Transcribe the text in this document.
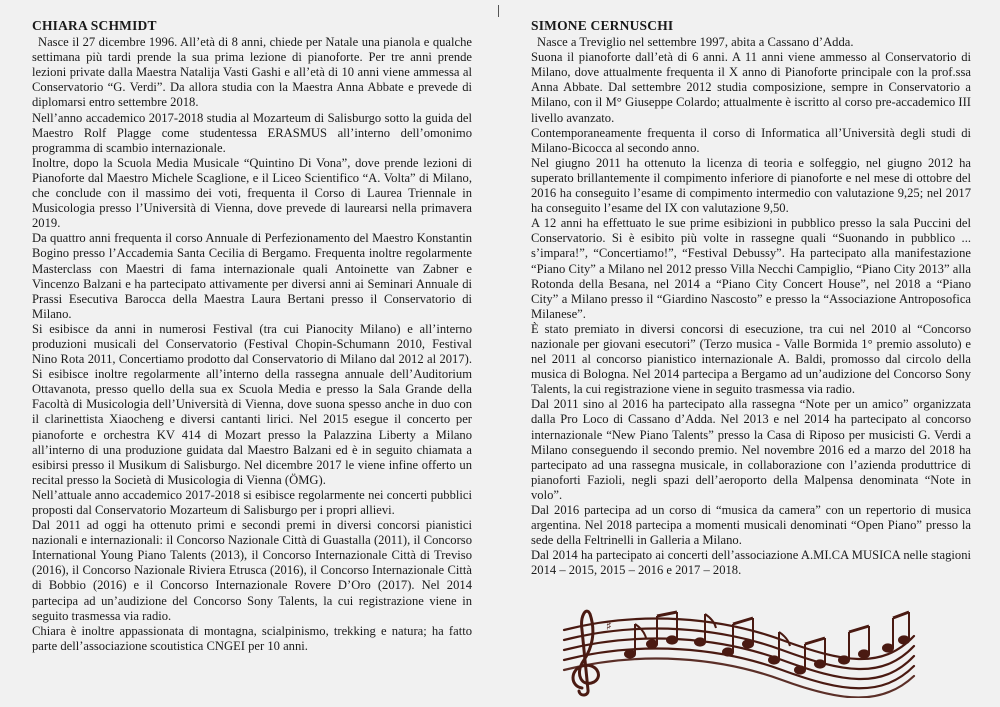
CHIARA SCHMIDT

Nasce il 27 dicembre 1996. All’età di 8 anni, chiede per Natale una pianola e qualche settimana più tardi prende la sua prima lezione di pianoforte. Per tre anni prende lezioni private dalla Maestra Natalija Vasti Gashi e all’età di 10 anni viene ammessa al Conservatorio “G. Verdi”. Da allora studia con la Maestra Anna Abbate e prevede di diplomarsi entro settembre 2018.

Nell’anno accademico 2017-2018 studia al Mozarteum di Salisburgo sotto la guida del Maestro Rolf Plagge come studentessa ERASMUS all’interno dell’omonimo programma di scambio internazionale.

Inoltre, dopo la Scuola Media Musicale “Quintino Di Vona”, dove prende lezioni di Pianoforte dal Maestro Michele Scaglione, e il Liceo Scientifico “A. Volta” di Milano, che conclude con il massimo dei voti, frequenta il Corso di Laurea Triennale in Musicologia presso l’Università di Vienna, dove prevede di laurearsi nella primavera 2019.

Da quattro anni frequenta il corso Annuale di Perfezionamento del Maestro Konstantin Bogino presso l’Accademia Santa Cecilia di Bergamo. Frequenta inoltre regolarmente Masterclass con Maestri di fama internazionale quali Antoinette van Zabner e Vincenzo Balzani e ha partecipato attivamente per diversi anni ai Seminari Annuale di Prassi Esecutiva Barocca della Maestra Laura Bertani presso il Conservatorio di Milano.

Si esibisce da anni in numerosi Festival (tra cui Pianocity Milano) e all’interno produzioni musicali del Conservatorio (Festival Chopin-Schumann 2010, Festival Nino Rota 2011, Concertiamo prodotto dal Conservatorio di Milano dal 2012 al 2017). Si esibisce inoltre regolarmente all’interno della rassegna annuale dell’Auditorium Ottavanota, presso quello della sua ex Scuola Media e presso la Sala Grande della Facoltà di Musicologia dell’Università di Vienna, dove suona spesso anche in duo con il clarinettista Xiaocheng e diversi cantanti lirici. Nel 2015 esegue il concerto per pianoforte e orchestra KV 414 di Mozart presso la Palazzina Liberty a Milano all’interno di una produzione guidata dal Maestro Balzani ed è in seguito chiamata a esibirsi presso il Musikum di Salisburgo. Nel dicembre 2017 le viene infine offerto un recital presso la Società di Musicologia di Vienna (ÖMG).

Nell’attuale anno accademico 2017-2018 si esibisce regolarmente nei concerti pubblici proposti dal Conservatorio Mozarteum di Salisburgo per i propri allievi.

Dal 2011 ad oggi ha ottenuto primi e secondi premi in diversi concorsi pianistici nazionali e internazionali: il Concorso Nazionale Città di Guastalla (2011), il Concorso International Young Piano Talents (2013), il Concorso Internazionale Città di Treviso (2016), il Concorso Nazionale Riviera Etrusca (2016), il Concorso Internazionale Città di Bobbio (2016) e il Concorso Internazionale Rovere D’Oro (2017). Nel 2014 partecipa ad un’audizione del Concorso Sony Talents, la cui registrazione viene in seguito trasmessa via radio.

Chiara è inoltre appassionata di montagna, scialpinismo, trekking e natura; ha fatto parte dell’associazione scoutistica CNGEI per 10 anni.

SIMONE CERNUSCHI

Nasce a Treviglio nel settembre 1997, abita a Cassano d’Adda.

Suona il pianoforte dall’età di 6 anni. A 11 anni viene ammesso al Conservatorio di Milano, dove attualmente frequenta il X anno di Pianoforte principale con la prof.ssa Anna Abbate. Dal settembre 2012 studia composizione, sempre in Conservatorio a Milano, con il M° Giuseppe Colardo; attualmente è iscritto al corso pre-accademico III livello avanzato.

Contemporaneamente frequenta il corso di Informatica all’Università degli studi di Milano-Bicocca al secondo anno.

Nel giugno 2011 ha ottenuto la licenza di teoria e solfeggio, nel giugno 2012 ha superato brillantemente il compimento inferiore di pianoforte e nel mese di ottobre del 2016 ha conseguito l’esame di compimento intermedio con valutazione 9,25; nel 2017 ha conseguito l’esame del IX con valutazione 9,50.

A 12 anni ha effettuato le sue prime esibizioni in pubblico presso la sala Puccini del Conservatorio. Si è esibito più volte in rassegne quali “Suonando in pubblico ... s’impara!”, “Concertiamo!”, “Festival Debussy”. Ha partecipato alla manifestazione “Piano City” a Milano nel 2012 presso Villa Necchi Campiglio, “Piano City 2013” alla Rotonda della Besana, nel 2014 a “Piano City Concert House”, nel 2018 a “Piano City” a Milano presso il “Giardino Nascosto” e presso la “Associazione Antroposofica Milanese”.

È stato premiato in diversi concorsi di esecuzione, tra cui nel 2010 al “Concorso nazionale per giovani esecutori” (Terzo musica - Valle Bormida 1° premio assoluto) e nel 2011 al concorso pianistico internazionale A. Baldi, promosso dal circolo della musica di Bologna. Nel 2014 partecipa a Bergamo ad un’audizione del Concorso Sony Talents, la cui registrazione viene in seguito trasmessa via radio.

Dal 2011 sino al 2016 ha partecipato alla rassegna “Note per un amico” organizzata dalla Pro Loco di Cassano d’Adda. Nel 2013 e nel 2014 ha partecipato al concorso internazionale “New Piano Talents” presso la Casa di Riposo per musicisti G. Verdi a Milano conseguendo il secondo premio. Nel novembre 2016 ed a marzo del 2018 ha partecipato ad una rassegna musicale, in collaborazione con l’azienda produttrice di pianoforti Fazioli, negli spazi dell’aeroporto della Malpensa denominata “Note in volo”.

Dal 2016 partecipa ad un corso di “musica da camera” con un repertorio di musica argentina. Nel 2018 partecipa a momenti musicali denominati “Open Piano” presso la sede della Feltrinelli in Galleria a Milano.

Dal 2014 ha partecipato ai concerti dell’associazione A.MI.CA MUSICA nelle stagioni 2014 – 2015, 2015 – 2016 e 2017 – 2018.

♯
